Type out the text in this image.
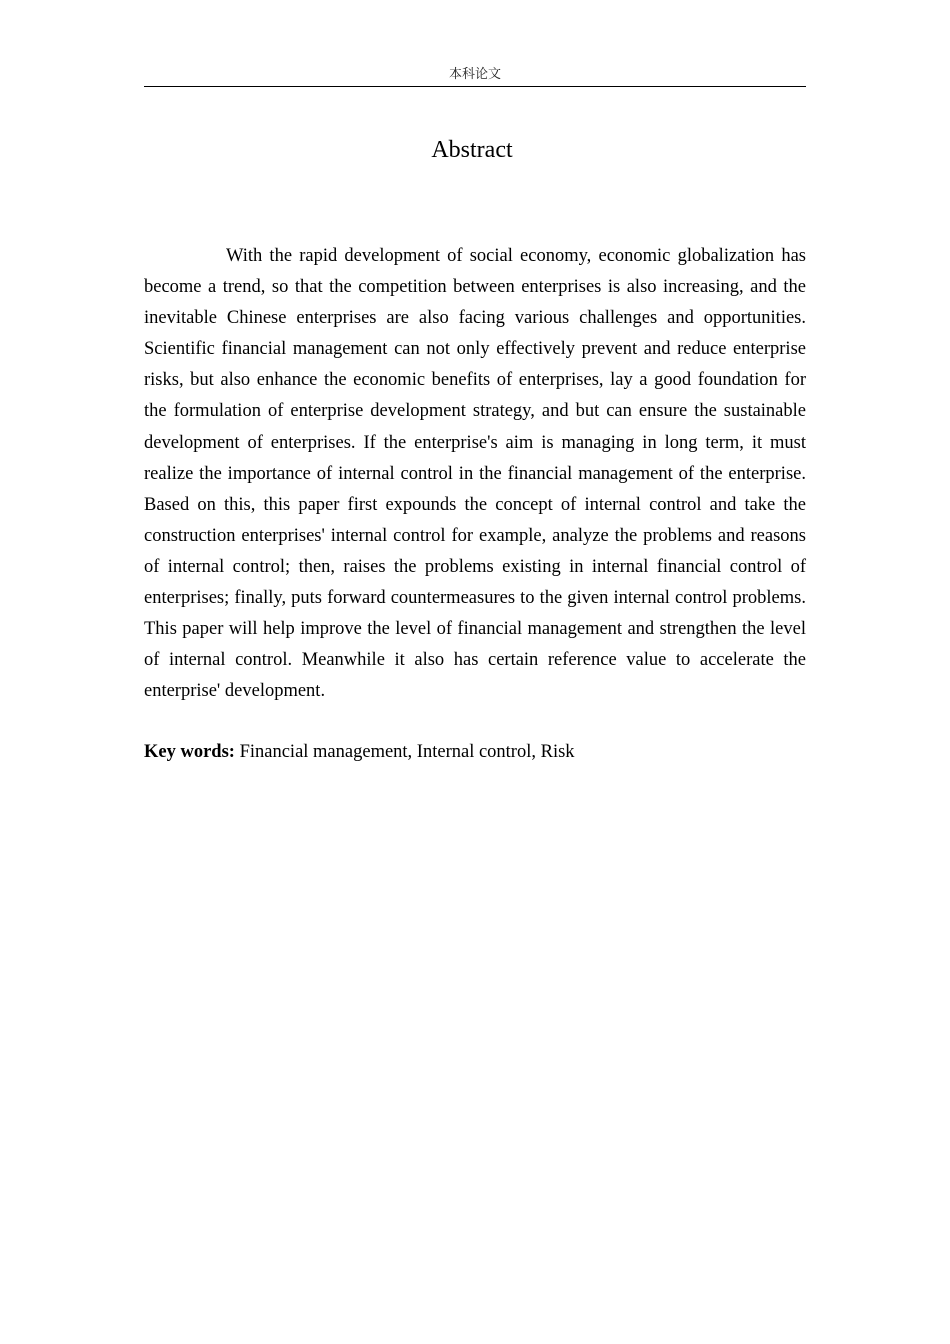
本科论文
Abstract

With the rapid development of social economy, economic globalization has become a trend, so that the competition between enterprises is also increasing, and the inevitable Chinese enterprises are also facing various challenges and opportunities. Scientific financial management can not only effectively prevent and reduce enterprise risks, but also enhance the economic benefits of enterprises, lay a good foundation for the formulation of enterprise development strategy, and but can ensure the sustainable development of enterprises. If the enterprise's aim is managing in long term, it must realize the importance of internal control in the financial management of the enterprise. Based on this, this paper first expounds the concept of internal control and take the construction enterprises' internal control for example, analyze the problems and reasons of internal control; then, raises the problems existing in internal financial control of enterprises; finally, puts forward countermeasures to the given internal control problems. This paper will help improve the level of financial management and strengthen the level of internal control. Meanwhile it also has certain reference value to accelerate the enterprise' development.

Key words: Financial management, Internal control, Risk
